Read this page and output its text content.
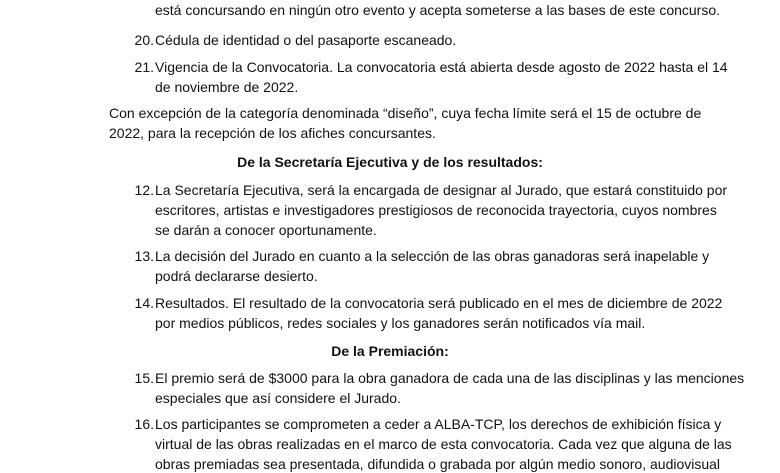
está concursando en ningún otro evento y acepta someterse a las bases de este concurso.
20. Cédula de identidad o del pasaporte escaneado.
21. Vigencia de la Convocatoria. La convocatoria está abierta desde agosto de 2022 hasta el 14
de noviembre de 2022.
Con excepción de la categoría denominada “diseño”, cuya fecha límite será el 15 de octubre de
2022, para la recepción de los afiches concursantes.
De la Secretaría Ejecutiva y de los resultados:
12. La Secretaría Ejecutiva, será la encargada de designar al Jurado, que estará constituido por
escritores, artistas e investigadores prestigiosos de reconocida trayectoria, cuyos nombres
se darán a conocer oportunamente.
13. La decisión del Jurado en cuanto a la selección de las obras ganadoras será inapelable y
podrá declararse desierto.
14. Resultados. El resultado de la convocatoria será publicado en el mes de diciembre de 2022
por medios públicos, redes sociales y los ganadores serán notificados vía mail.
De la Premiación:
15. El premio será de $3000 para la obra ganadora de cada una de las disciplinas y las menciones
especiales que así considere el Jurado.
16. Los participantes se comprometen a ceder a ALBA-TCP, los derechos de exhibición física y
virtual de las obras realizadas en el marco de esta convocatoria. Cada vez que alguna de las
obras premiadas sea presentada, difundida o grabada por algún medio sonoro, audiovisual
